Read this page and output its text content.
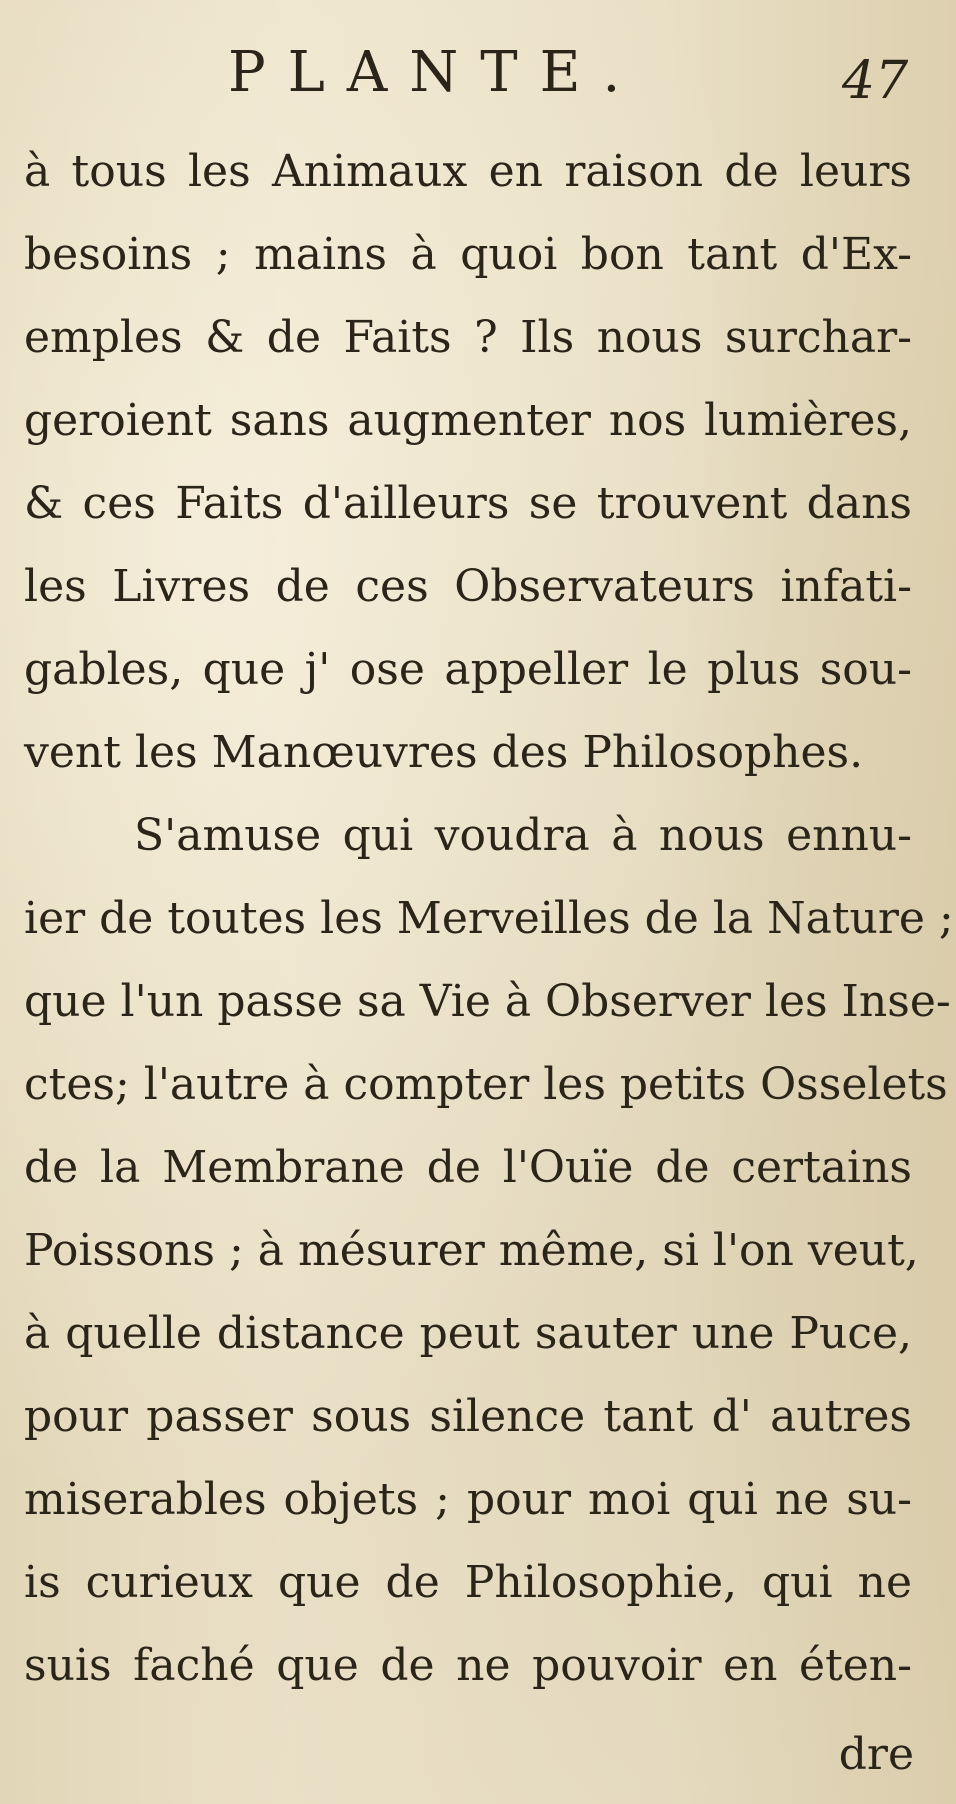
PLANTE.	47
à tous les Animaux en raison de leurs
besoins ; mains à quoi bon tant d'Ex-
emples & de Faits ? Ils nous surchar-
geroient sans augmenter nos lumières,
& ces Faits d'ailleurs se trouvent dans
les Livres de ces Observateurs infati-
gables, que j' ose appeller le plus sou-
vent les Manœuvres des Philosophes.
S'amuse qui voudra à nous ennu-
ier de toutes les Merveilles de la Nature ;
que l'un passe sa Vie à Observer les Inse-
ctes; l'autre à compter les petits Osselets
de la Membrane de l'Ouïe de certains
Poissons ; à mésurer même, si l'on veut,
à quelle distance peut sauter une Puce,
pour passer sous silence tant d' autres
miserables objets ; pour moi qui ne su-
is curieux que de Philosophie, qui ne
suis faché que de ne pouvoir en éten-
dre
